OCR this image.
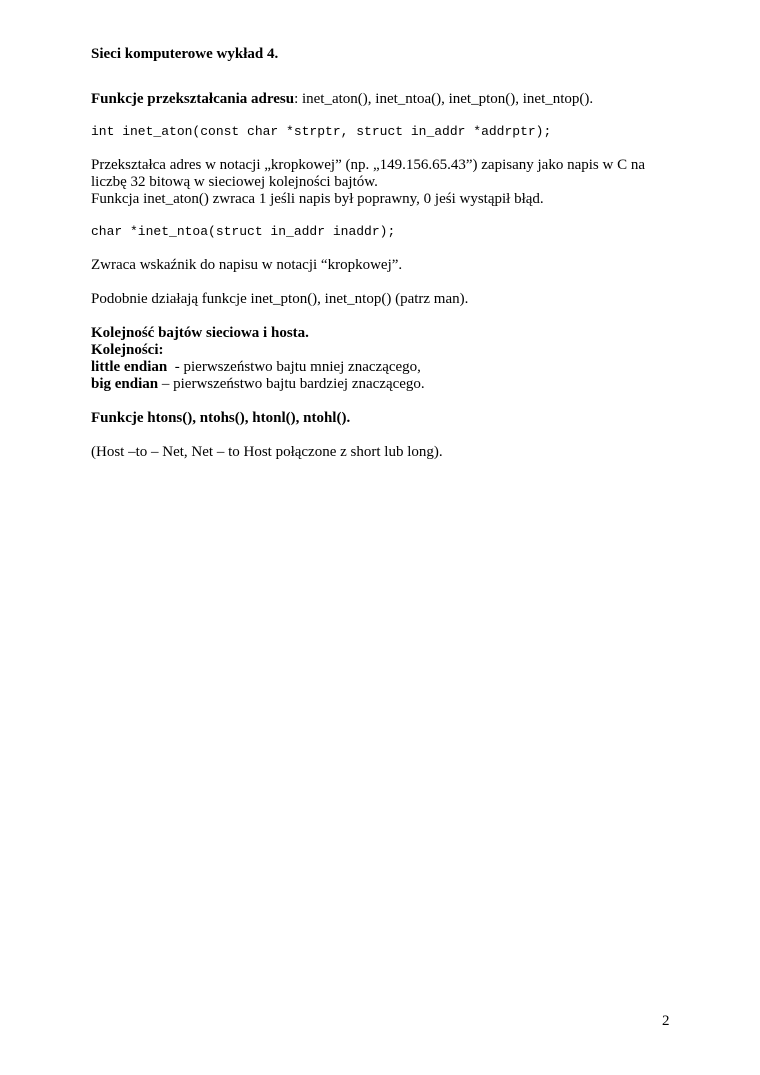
Sieci komputerowe wykład 4.
Funkcje przekształcania adresu: inet_aton(), inet_ntoa(), inet_pton(), inet_ntop().
int inet_aton(const char *strptr, struct in_addr *addrptr);
Przekształca adres w notacji „kropkowej” (np. „149.156.65.43”) zapisany jako napis w C na
liczbę 32 bitową w sieciowej kolejności bajtów.
Funkcja inet_aton() zwraca 1 jeśli napis był poprawny, 0 jeśi wystąpił błąd.
char *inet_ntoa(struct in_addr inaddr);
Zwraca wskaźnik do napisu w notacji “kropkowej”.
Podobnie działają funkcje inet_pton(), inet_ntop() (patrz man).
Kolejność bajtów sieciowa i hosta.
Kolejności:
little endian  - pierwszeństwo bajtu mniej znaczącego,
big endian – pierwszeństwo bajtu bardziej znaczącego.
Funkcje htons(), ntohs(), htonl(), ntohl().
(Host –to – Net, Net – to Host połączone z short lub long).
2
